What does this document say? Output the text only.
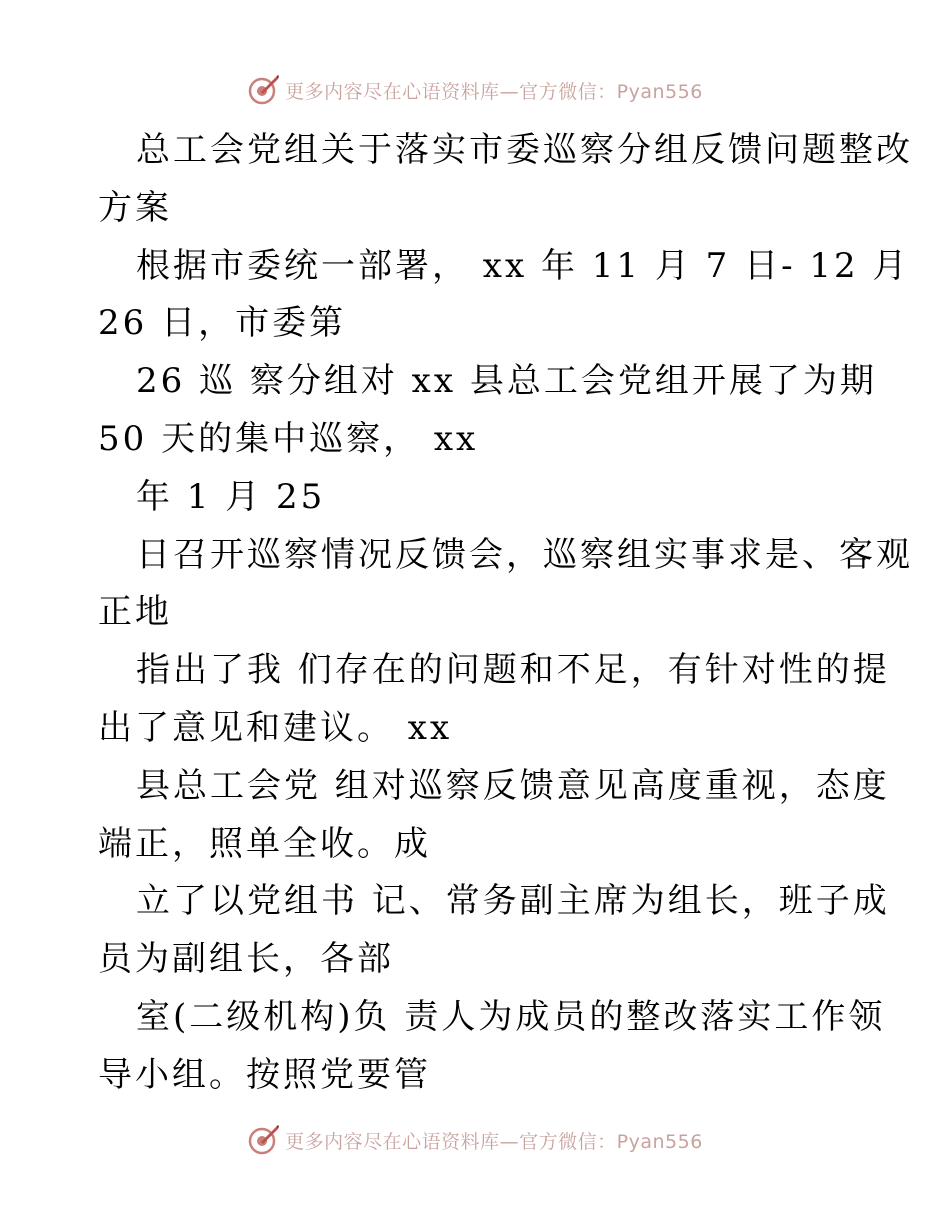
更多内容尽在心语资料库—官方微信：Pyan556
总工会党组关于落实市委巡察分组反馈问题整改
方案
根据市委统一部署， xx 年 11 月 7 日- 12 月
26 日，市委第
26 巡 察分组对 xx 县总工会党组开展了为期
50 天的集中巡察， xx
年 1 月 25
日召开巡察情况反馈会，巡察组实事求是、客观
正地
指出了我 们存在的问题和不足，有针对性的提
出了意见和建议。 xx
县总工会党 组对巡察反馈意见高度重视，态度
端正，照单全收。成
立了以党组书 记、常务副主席为组长，班子成
员为副组长，各部
室(二级机构)负 责人为成员的整改落实工作领
导小组。按照党要管
更多内容尽在心语资料库—官方微信：Pyan556
